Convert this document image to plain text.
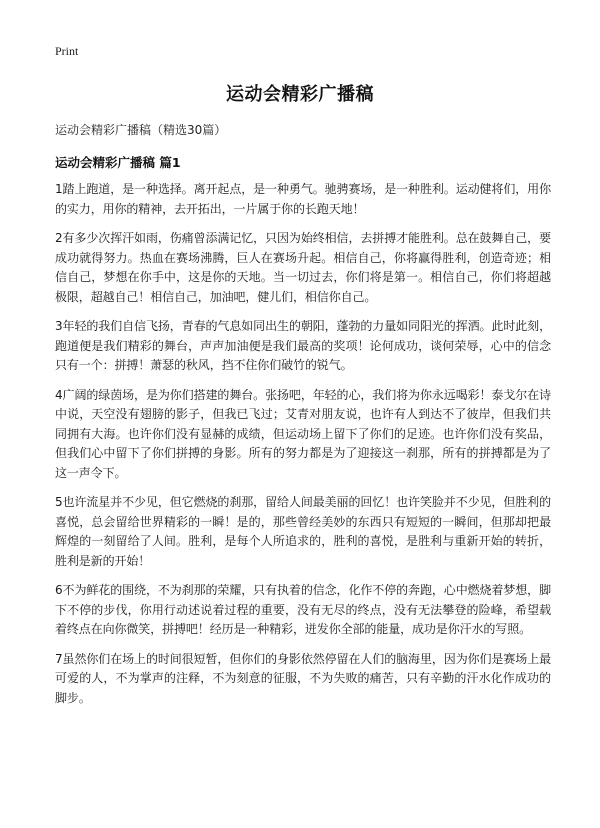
Print
运动会精彩广播稿
运动会精彩广播稿（精选30篇）
运动会精彩广播稿 篇1

1踏上跑道，是一种选择。离开起点，是一种勇气。驰骋赛场，是一种胜利。运动健将们，用你的实力，用你的精神，去开拓出，一片属于你的长跑天地！

2有多少次挥汗如雨，伤痛曾添满记忆，只因为始终相信，去拼搏才能胜利。总在鼓舞自己，要成功就得努力。热血在赛场沸腾，巨人在赛场升起。相信自己，你将赢得胜利，创造奇迹；相信自己，梦想在你手中，这是你的天地。当一切过去，你们将是第一。相信自己，你们将超越极限，超越自己！相信自己，加油吧，健儿们，相信你自己。

3年轻的我们自信飞扬，青春的气息如同出生的朝阳，蓬勃的力量如同阳光的挥洒。此时此刻，跑道便是我们精彩的舞台，声声加油便是我们最高的奖项！论何成功，谈何荣辱，心中的信念只有一个：拼搏！萧瑟的秋风，挡不住你们破竹的锐气。

4广阔的绿茵场，是为你们搭建的舞台。张扬吧，年轻的心，我们将为你永远喝彩！泰戈尔在诗中说，天空没有翅膀的影子，但我已飞过；艾青对朋友说，也许有人到达不了彼岸，但我们共同拥有大海。也许你们没有显赫的成绩，但运动场上留下了你们的足迹。也许你们没有奖品，但我们心中留下了你们拼搏的身影。所有的努力都是为了迎接这一刹那，所有的拼搏都是为了这一声令下。

5也许流星并不少见，但它燃烧的刹那，留给人间最美丽的回忆！也许笑脸并不少见，但胜利的喜悦，总会留给世界精彩的一瞬！是的，那些曾经美妙的东西只有短短的一瞬间，但那却把最辉煌的一刻留给了人间。胜利，是每个人所追求的，胜利的喜悦，是胜利与重新开始的转折，胜利是新的开始！

6不为鲜花的围绕，不为刹那的荣耀，只有执着的信念，化作不停的奔跑，心中燃烧着梦想，脚下不停的步伐，你用行动述说着过程的重要，没有无尽的终点，没有无法攀登的险峰，希望载着终点在向你微笑，拼搏吧！经历是一种精彩，迸发你全部的能量，成功是你汗水的写照。

7虽然你们在场上的时间很短暂，但你们的身影依然停留在人们的脑海里，因为你们是赛场上最可爱的人，不为掌声的注释，不为刻意的征服，不为失败的痛苦，只有辛勤的汗水化作成功的脚步。
